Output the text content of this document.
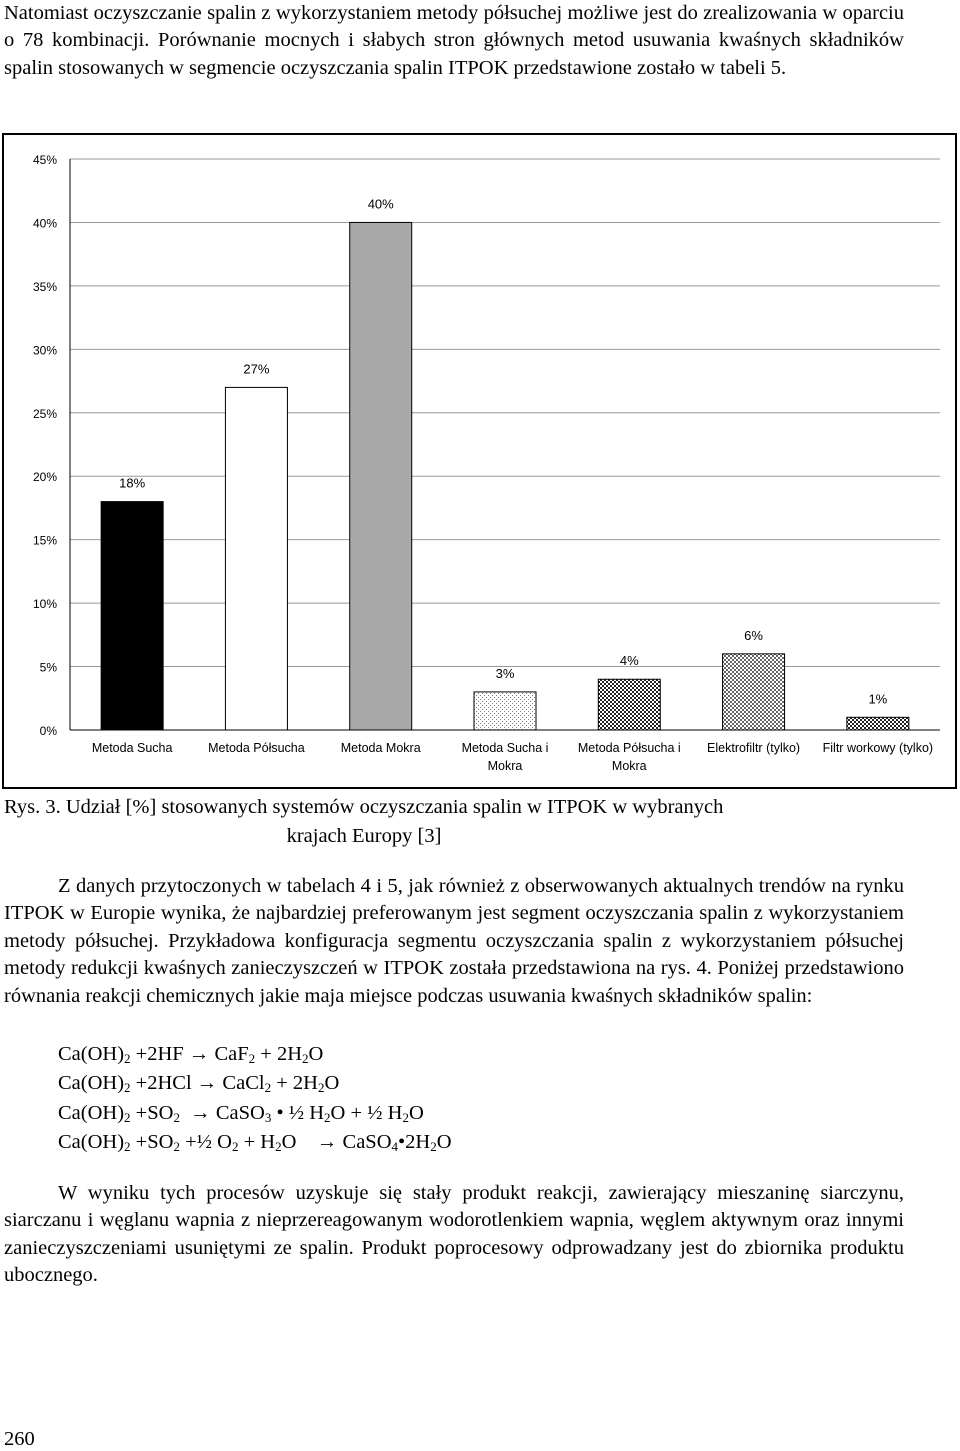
Natomiast oczyszczanie spalin z wykorzystaniem metody półsuchej możliwe jest do zrealizowania w oparciu o 78 kombinacji. Porównanie mocnych i słabych stron głównych metod usuwania kwaśnych składników spalin stosowanych w segmencie oczyszczania spalin ITPOK przedstawione zostało w tabeli 5.

0%
5%
10%
15%
20%
25%
30%
35%
40%
45%
18%
27%
40%
3%
4%
6%
1%
Metoda Sucha	Metoda Półsucha	Metoda Mokra	Metoda Sucha i
Mokra
Metoda Półsucha i
Mokra
Elektrofiltr (tylko) Filtr workowy (tylko)
Rys. 3. Udział [%] stosowanych systemów oczyszczania spalin w ITPOK w wybranych
krajach Europy [3]

Z danych przytoczonych w tabelach 4 i 5, jak również z obserwowanych aktualnych trendów na rynku ITPOK w Europie wynika, że najbardziej preferowanym jest segment oczyszczania spalin z wykorzystaniem metody półsuchej. Przykładowa konfiguracja segmentu oczyszczania spalin z wykorzystaniem półsuchej metody redukcji kwaśnych zanieczyszczeń w ITPOK została przedstawiona na rys. 4. Poniżej przedstawiono równania reakcji chemicznych jakie maja miejsce podczas usuwania kwaśnych składników spalin:

$Ca(OH)_2 +2HF \to CaF_2 + 2H_2O$
$Ca(OH)_2 +2HCl$ → CaCl$_2$ + $2H_2O$
$Ca(OH)_2 +SO_2$ → CaSO$_3$ • ½ $H_2O$ + ½ $H_2O$
$Ca(OH)_2 +SO_2$ +½ $O_2 + H_2O$ → $CaSO_4•2H_2O$

W wyniku tych procesów uzyskuje się stały produkt reakcji, zawierający mieszaninę siarczynu, siarczanu i węglanu wapnia z nieprzereagowanym wodorotlenkiem wapnia, węglem aktywnym oraz innymi zanieczyszczeniami usuniętymi ze spalin. Produkt poprocesowy odprowadzany jest do zbiornika produktu ubocznego.

260
